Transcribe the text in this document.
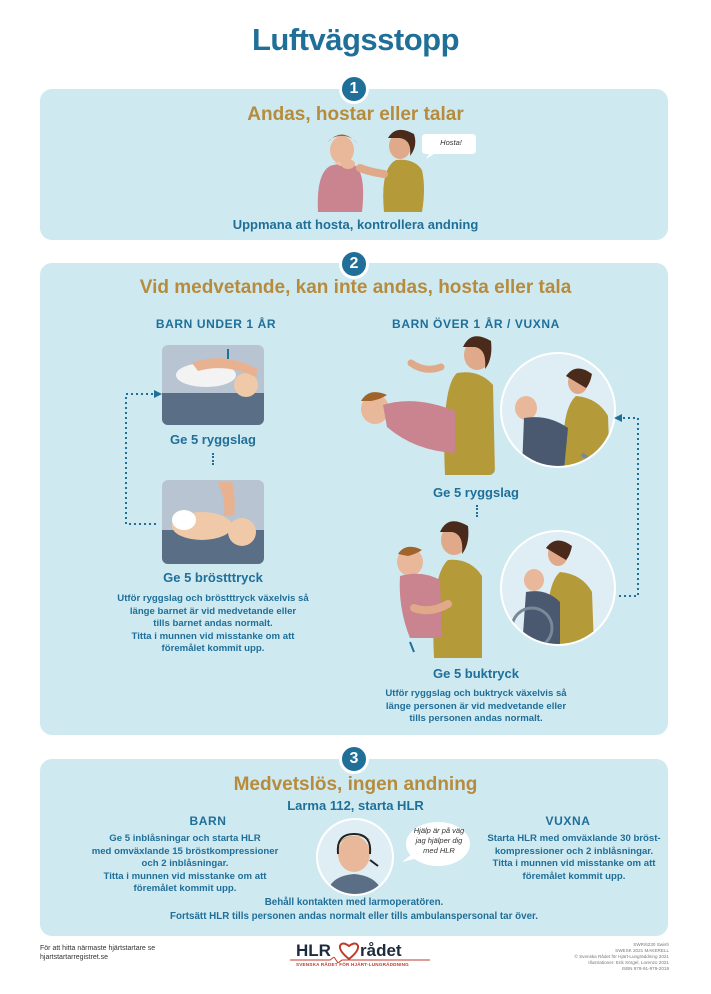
Luftvägsstopp
1
Andas, hostar eller talar
Hosta!
Uppmana att hosta, kontrollera andning
2
Vid medvetande, kan inte andas, hosta eller tala
BARN UNDER 1 ÅR	BARN ÖVER 1 ÅR / VUXNA
Ge 5 ryggslag
Ge 5 bröstttryck
Utför ryggslag och bröstttryck växelvis så
länge barnet är vid medvetande eller
tills barnet andas normalt.
Titta i munnen vid misstanke om att
föremålet kommit upp.
Ge 5 ryggslag
Ge 5 buktryck
Utför ryggslag och buktryck växelvis så
länge personen är vid medvetande eller
tills personen andas normalt.
3
Medvetslös, ingen andning
Larma 112, starta HLR
BARN	VUXNA
Ge 5 inblåsningar och starta HLR
med omväxlande 15 bröstkompressioner
och 2 inblåsningar.
Titta i munnen vid misstanke om att
föremålet kommit upp.
Starta HLR med omväxlande 30 bröst-
kompressioner och 2 inblåsningar.
Titta i munnen vid misstanke om att
föremålet kommit upp.
Hjälp är på väg
jag hjälper dig
med HLR
Behåll kontakten med larmoperatören.
Fortsätt HLR tills personen andas normalt eller tills ambulanspersonal tar över.
För att hitta närmaste hjärtstartare se
hjartstartarregistret.se	HLR rådet
SVENSKA RÅDET FÖR HJÄRT-LUNGRÄDDNING
SWR/6230 Swish
SWESK 2021 MAKERELL
© Svenska Rådet för Hjärt-Lungräddning 2021
Illustrationer: Erik Sörgel, Lorenzo 2021
ISBN 978-91-979-2019
